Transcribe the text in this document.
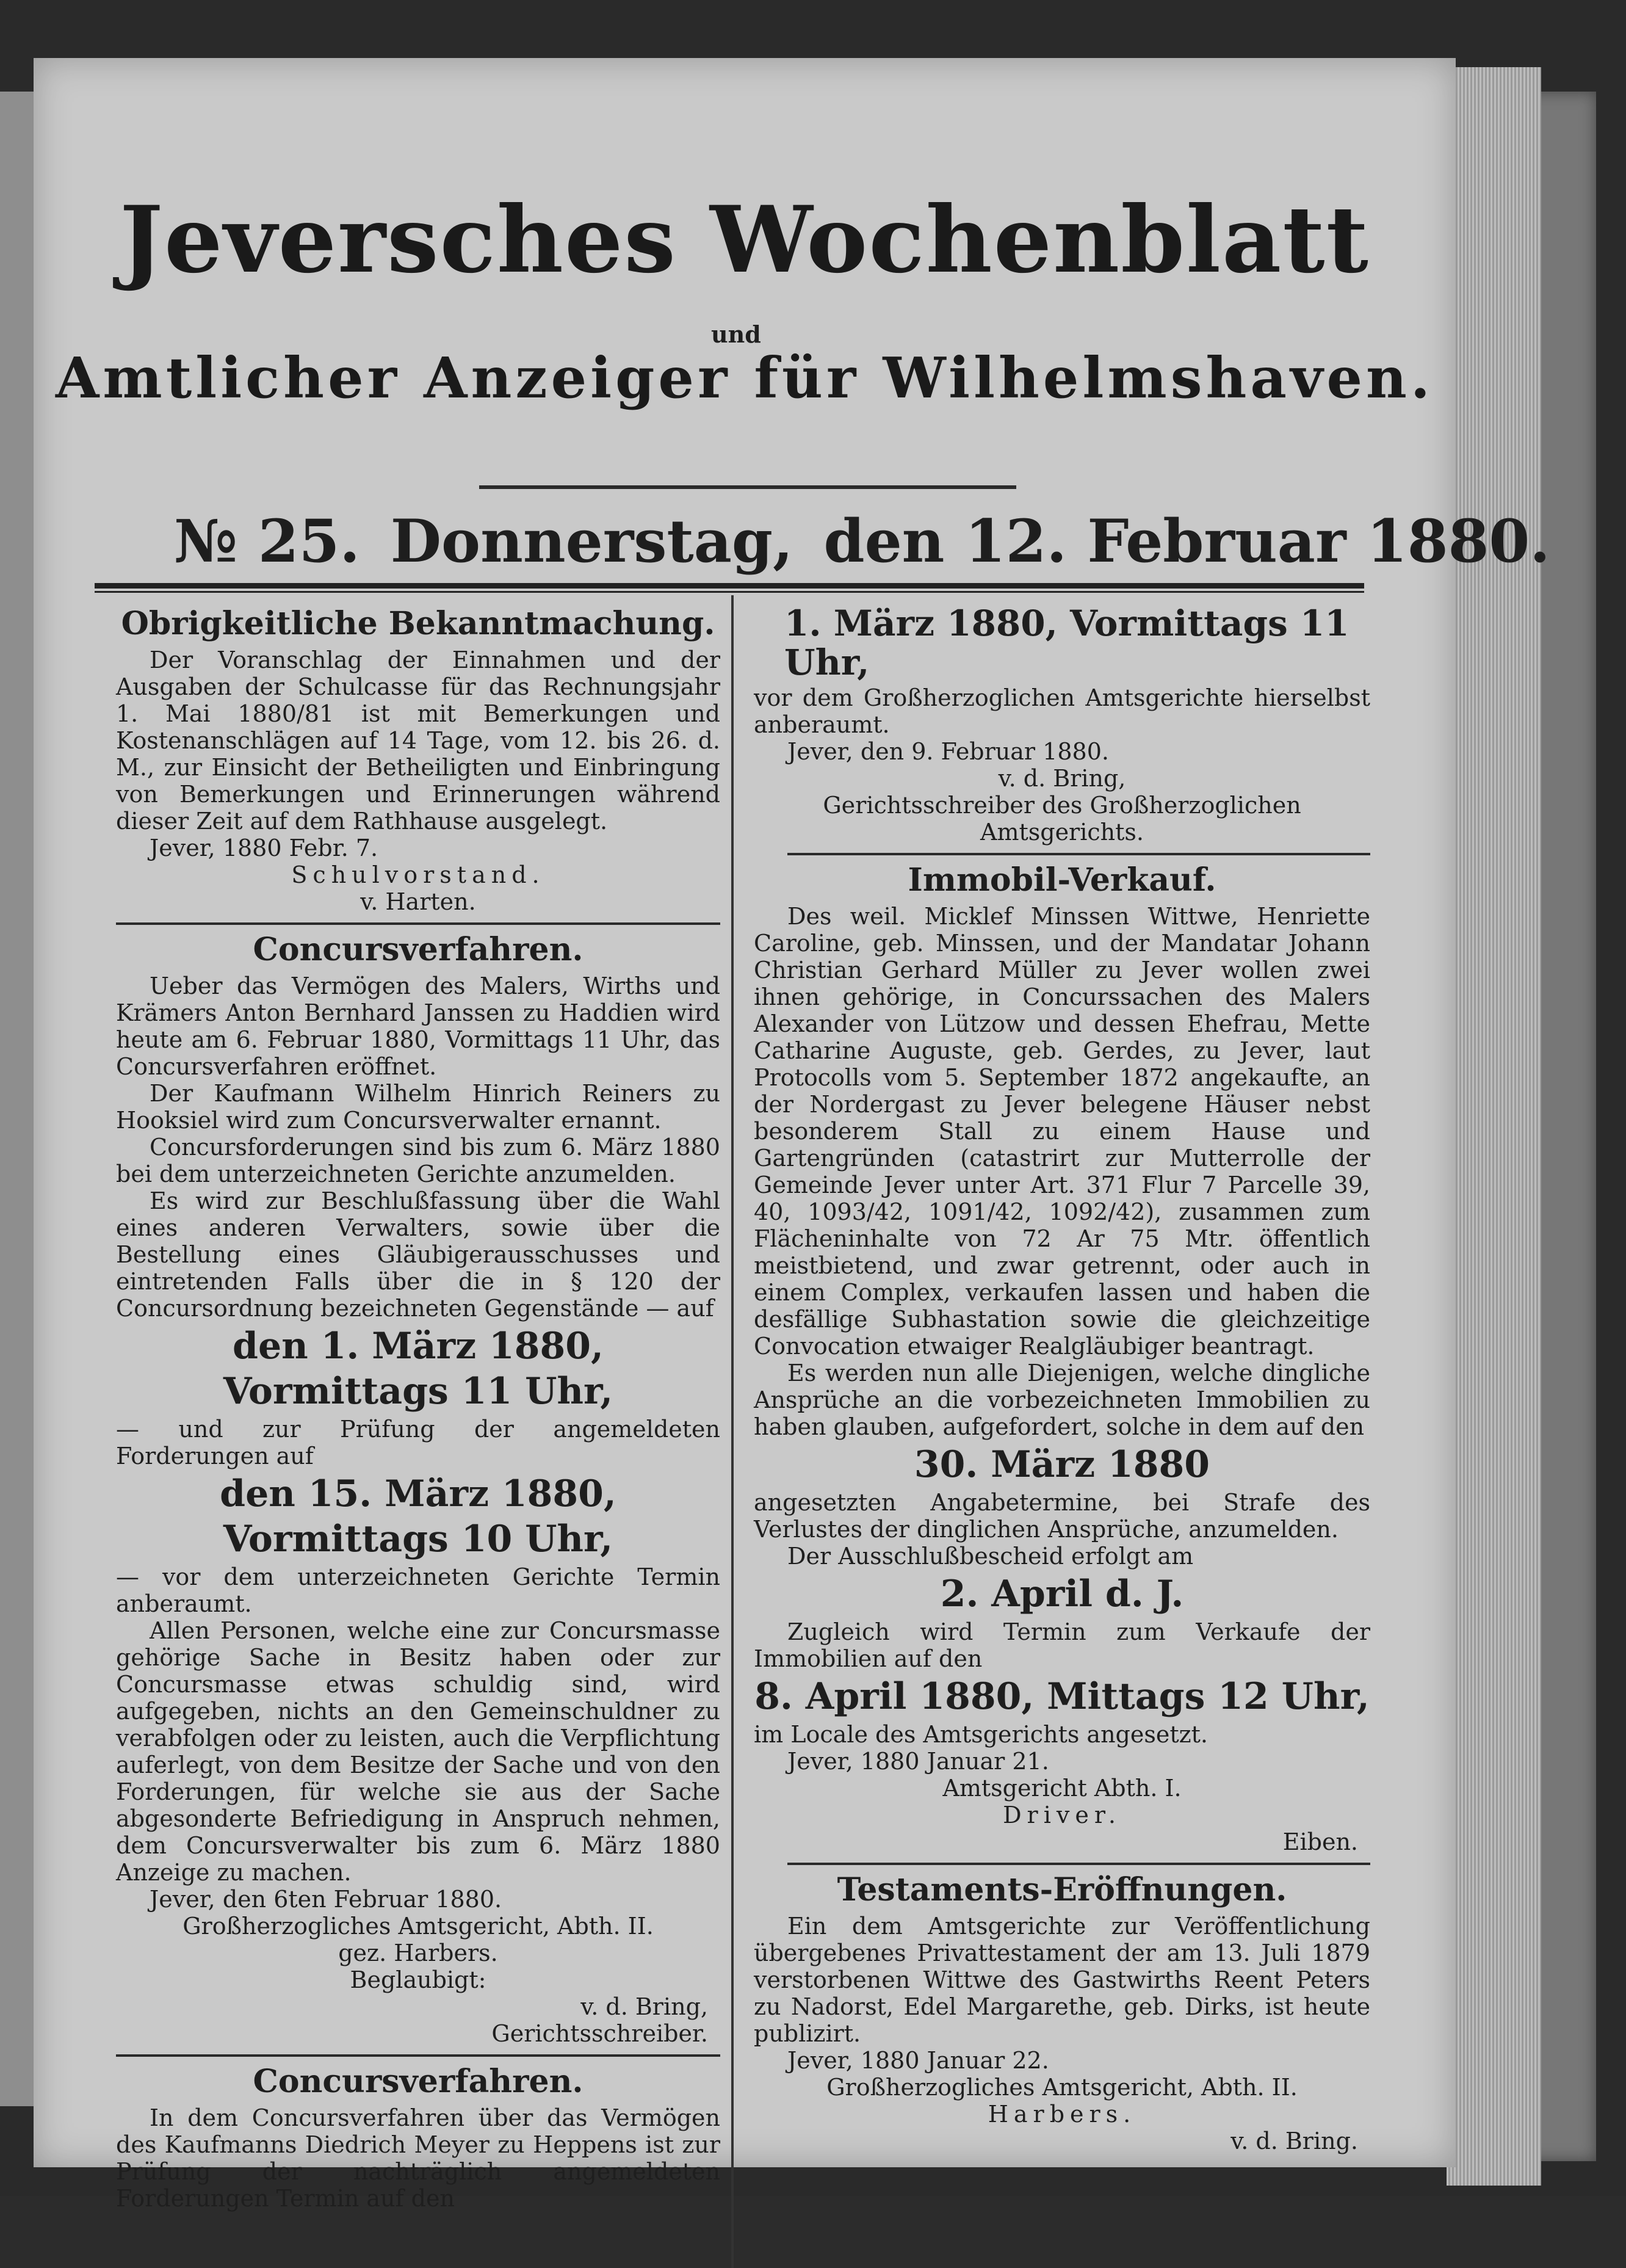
Jeversches Wochenblatt
und
Amtlicher Anzeiger für Wilhelmshaven.
№ 25. Donnerstag, den 12. Februar 1880.
Obrigkeitliche Bekanntmachung.

Der Voranschlag der Einnahmen und der Ausgaben der Schulcasse für das Rechnungsjahr 1. Mai 1880/81 ist mit Bemerkungen und Kostenanschlägen auf 14 Tage, vom 12. bis 26. d. M., zur Einsicht der Betheiligten und Einbringung von Bemerkungen und Erinnerungen während dieser Zeit auf dem Rathhause ausgelegt.

Jever, 1880 Febr. 7.
Schulvorstand.
v. Harten.
Concursverfahren.

Ueber das Vermögen des Malers, Wirths und Krämers Anton Bernhard Janssen zu Haddien wird heute am 6. Februar 1880, Vormittags 11 Uhr, das Concursverfahren eröffnet.

Der Kaufmann Wilhelm Hinrich Reiners zu Hooksiel wird zum Concursverwalter ernannt.

Concursforderungen sind bis zum 6. März 1880 bei dem unterzeichneten Gerichte anzumelden.

Es wird zur Beschlußfassung über die Wahl eines anderen Verwalters, sowie über die Bestellung eines Gläubigerausschusses und eintretenden Falls über die in § 120 der Concursordnung bezeichneten Gegenstände — auf

den 1. März 1880,
Vormittags 11 Uhr,

— und zur Prüfung der angemeldeten Forderungen auf

den 15. März 1880,
Vormittags 10 Uhr,

— vor dem unterzeichneten Gerichte Termin anberaumt.

Allen Personen, welche eine zur Concursmasse gehörige Sache in Besitz haben oder zur Concursmasse etwas schuldig sind, wird aufgegeben, nichts an den Gemeinschuldner zu verabfolgen oder zu leisten, auch die Verpflichtung auferlegt, von dem Besitze der Sache und von den Forderungen, für welche sie aus der Sache abgesonderte Befriedigung in Anspruch nehmen, dem Concursverwalter bis zum 6. März 1880 Anzeige zu machen.

Jever, den 6ten Februar 1880.
Großherzogliches Amtsgericht, Abth. II.
gez. Harbers.
Beglaubigt:
v. d. Bring,
Gerichtsschreiber.
Concursverfahren.

In dem Concursverfahren über das Vermögen des Kaufmanns Diedrich Meyer zu Heppens ist zur Prüfung der nachträglich angemeldeten Forderungen Termin auf den

1. März 1880, Vormittags 11 Uhr,

vor dem Großherzoglichen Amtsgerichte hierselbst anberaumt.

Jever, den 9. Februar 1880.
v. d. Bring,
Gerichtsschreiber des Großherzoglichen
Amtsgerichts.
Immobil-Verkauf.

Des weil. Micklef Minssen Wittwe, Henriette Caroline, geb. Minssen, und der Mandatar Johann Christian Gerhard Müller zu Jever wollen zwei ihnen gehörige, in Concurssachen des Malers Alexander von Lützow und dessen Ehefrau, Mette Catharine Auguste, geb. Gerdes, zu Jever, laut Protocolls vom 5. September 1872 angekaufte, an der Nordergast zu Jever belegene Häuser nebst besonderem Stall zu einem Hause und Gartengründen (catastrirt zur Mutterrolle der Gemeinde Jever unter Art. 371 Flur 7 Parcelle 39, 40, 1093/42, 1091/42, 1092/42), zusammen zum Flächeninhalte von 72 Ar 75 Mtr. öffentlich meistbietend, und zwar getrennt, oder auch in einem Complex, verkaufen lassen und haben die desfällige Subhastation sowie die gleichzeitige Convocation etwaiger Realgläubiger beantragt.

Es werden nun alle Diejenigen, welche dingliche Ansprüche an die vorbezeichneten Immobilien zu haben glauben, aufgefordert, solche in dem auf den

30. März 1880

angesetzten Angabetermine, bei Strafe des Verlustes der dinglichen Ansprüche, anzumelden.

Der Ausschlußbescheid erfolgt am

2. April d. J.

Zugleich wird Termin zum Verkaufe der Immobilien auf den

8. April 1880, Mittags 12 Uhr,

im Locale des Amtsgerichts angesetzt.

Jever, 1880 Januar 21.
Amtsgericht Abth. I.
Driver.
Eiben.
Testaments-Eröffnungen.

Ein dem Amtsgerichte zur Veröffentlichung übergebenes Privattestament der am 13. Juli 1879 verstorbenen Wittwe des Gastwirths Reent Peters zu Nadorst, Edel Margarethe, geb. Dirks, ist heute publizirt.

Jever, 1880 Januar 22.
Großherzogliches Amtsgericht, Abth. II.
Harbers.
v. d. Bring.
